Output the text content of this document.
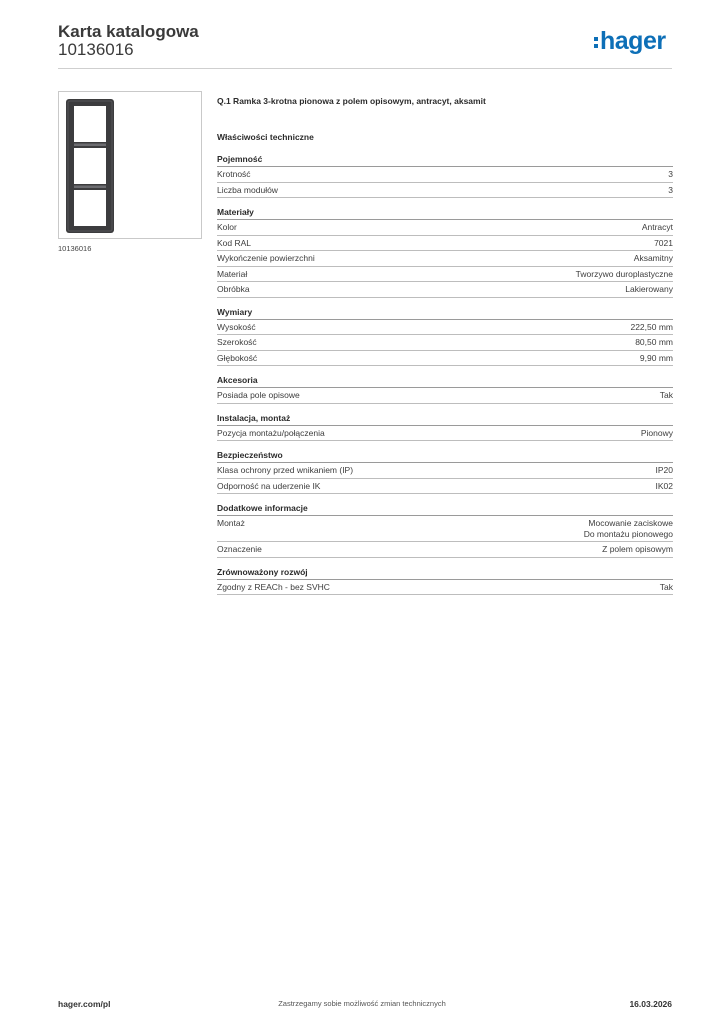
Karta katalogowa
10136016	hager
10136016
Q.1 Ramka 3-krotna pionowa z polem opisowym, antracyt, aksamit
Właściwości techniczne
Pojemność
Krotność	3
Liczba modułów	3
Materiały
Kolor	Antracyt
Kod RAL	7021
Wykończenie powierzchni	Aksamitny
Materiał	Tworzywo duroplastyczne
Obróbka	Lakierowany
Wymiary
Wysokość	222,50 mm
Szerokość	80,50 mm
Głębokość	9,90 mm
Akcesoria
Posiada pole opisowe	Tak
Instalacja, montaż
Pozycja montażu/połączenia	Pionowy
Bezpieczeństwo
Klasa ochrony przed wnikaniem (IP)	IP20
Odporność na uderzenie IK	IK02
Dodatkowe informacje
Montaż	Mocowanie zaciskowe
Do montażu pionowego
Oznaczenie	Z polem opisowym
Zrównoważony rozwój
Zgodny z REACh - bez SVHC	Tak
hager.com/pl	Zastrzegamy sobie możliwość zmian technicznych	16.03.2026
